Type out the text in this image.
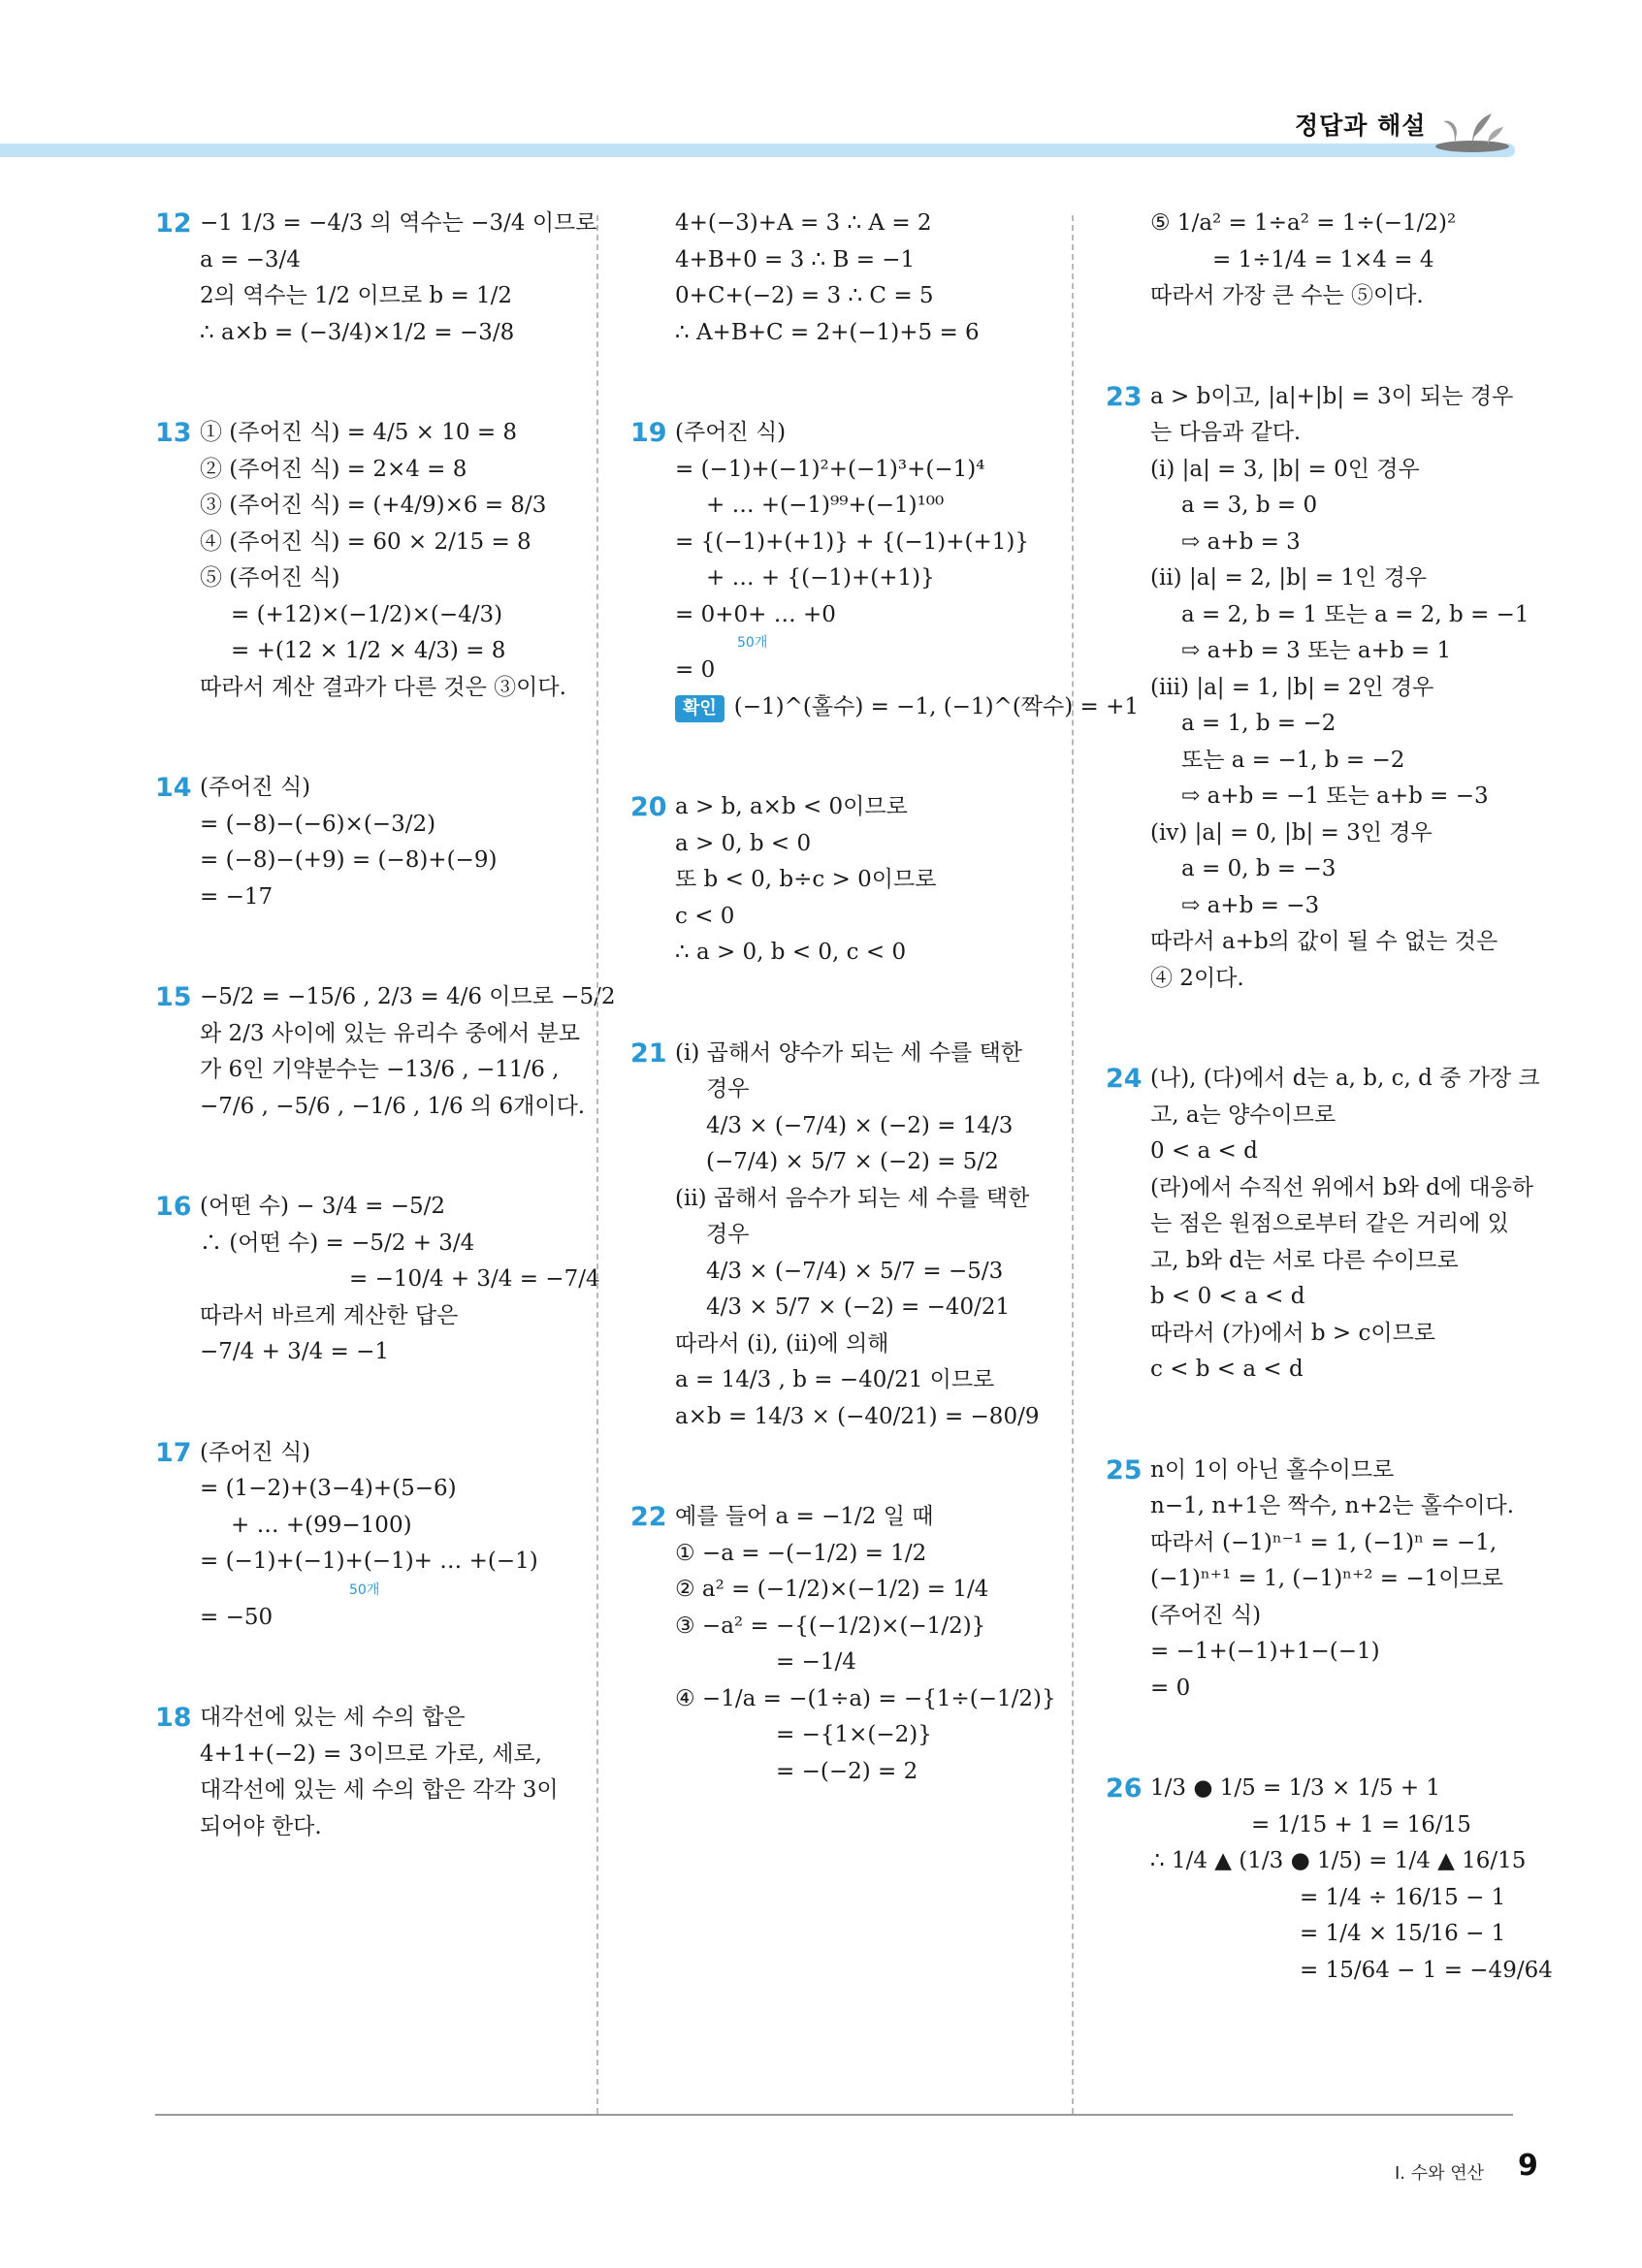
정답과 해설
12 −1 1/3 = −4/3 의 역수는 −3/4 이므로
a = −3/4
2의 역수는 1/2 이므로 b = 1/2
∴ a×b = (−3/4)×1/2 = −3/8
13 ① (주어진 식) = 4/5 × 10 = 8
② (주어진 식) = 2×4 = 8
③ (주어진 식) = (+4/9)×6 = 8/3
④ (주어진 식) = 60 × 2/15 = 8
⑤ (주어진 식)
= (+12)×(−1/2)×(−4/3)
= +(12 × 1/2 × 4/3) = 8
따라서 계산 결과가 다른 것은 ③이다.
14 (주어진 식)
= (−8)−(−6)×(−3/2)
= (−8)−(+9) = (−8)+(−9)
= −17
15 −5/2 = −15/6 , 2/3 = 4/6 이므로 −5/2
와 2/3 사이에 있는 유리수 중에서 분모
가 6인 기약분수는 −13/6 , −11/6 ,
−7/6 , −5/6 , −1/6 , 1/6 의 6개이다.
16 (어떤 수) − 3/4 = −5/2
∴ (어떤 수) = −5/2 + 3/4
= −10/4 + 3/4 = −7/4
따라서 바르게 계산한 답은
−7/4 + 3/4 = −1
17 (주어진 식)
= (1−2)+(3−4)+(5−6)
+ … +(99−100)
= (−1)+(−1)+(−1)+ … +(−1)
50개
= −50
18 대각선에 있는 세 수의 합은
4+1+(−2) = 3이므로 가로, 세로,
대각선에 있는 세 수의 합은 각각 3이
되어야 한다.
4+(−3)+A = 3 ∴ A = 2
4+B+0 = 3 ∴ B = −1
0+C+(−2) = 3 ∴ C = 5
∴ A+B+C = 2+(−1)+5 = 6
19 (주어진 식)
= (−1)+(−1)²+(−1)³+(−1)⁴
+ … +(−1)⁹⁹+(−1)¹⁰⁰
= {(−1)+(+1)} + {(−1)+(+1)}
+ … + {(−1)+(+1)}
= 0+0+ … +0
50개
= 0
확인 (−1)^(홀수) = −1, (−1)^(짝수) = +1
20 a > b, a×b < 0이므로
a > 0, b < 0
또 b < 0, b÷c > 0이므로
c < 0
∴ a > 0, b < 0, c < 0
21 (i) 곱해서 양수가 되는 세 수를 택한
경우
4/3 × (−7/4) × (−2) = 14/3
(−7/4) × 5/7 × (−2) = 5/2
(ii) 곱해서 음수가 되는 세 수를 택한
경우
4/3 × (−7/4) × 5/7 = −5/3
4/3 × 5/7 × (−2) = −40/21
따라서 (i), (ii)에 의해
a = 14/3 , b = −40/21 이므로
a×b = 14/3 × (−40/21) = −80/9
22 예를 들어 a = −1/2 일 때
① −a = −(−1/2) = 1/2
② a² = (−1/2)×(−1/2) = 1/4
③ −a² = −{(−1/2)×(−1/2)}
= −1/4
④ −1/a = −(1÷a) = −{1÷(−1/2)}
= −{1×(−2)}
= −(−2) = 2
⑤ 1/a² = 1÷a² = 1÷(−1/2)²
= 1÷1/4 = 1×4 = 4
따라서 가장 큰 수는 ⑤이다.
23 a > b이고, |a|+|b| = 3이 되는 경우
는 다음과 같다.
(i) |a| = 3, |b| = 0인 경우
a = 3, b = 0
⇨ a+b = 3
(ii) |a| = 2, |b| = 1인 경우
a = 2, b = 1 또는 a = 2, b = −1
⇨ a+b = 3 또는 a+b = 1
(iii) |a| = 1, |b| = 2인 경우
a = 1, b = −2
또는 a = −1, b = −2
⇨ a+b = −1 또는 a+b = −3
(iv) |a| = 0, |b| = 3인 경우
a = 0, b = −3
⇨ a+b = −3
따라서 a+b의 값이 될 수 없는 것은
④ 2이다.
24 (나), (다)에서 d는 a, b, c, d 중 가장 크
고, a는 양수이므로
0 < a < d
(라)에서 수직선 위에서 b와 d에 대응하
는 점은 원점으로부터 같은 거리에 있
고, b와 d는 서로 다른 수이므로
b < 0 < a < d
따라서 (가)에서 b > c이므로
c < b < a < d
25 n이 1이 아닌 홀수이므로
n−1, n+1은 짝수, n+2는 홀수이다.
따라서 (−1)ⁿ⁻¹ = 1, (−1)ⁿ = −1,
(−1)ⁿ⁺¹ = 1, (−1)ⁿ⁺² = −1이므로
(주어진 식)
= −1+(−1)+1−(−1)
= 0
26 1/3 ● 1/5 = 1/3 × 1/5 + 1
= 1/15 + 1 = 16/15
∴ 1/4 ▲ (1/3 ● 1/5) = 1/4 ▲ 16/15
= 1/4 ÷ 16/15 − 1
= 1/4 × 15/16 − 1
= 15/64 − 1 = −49/64
I. 수와 연산 9
